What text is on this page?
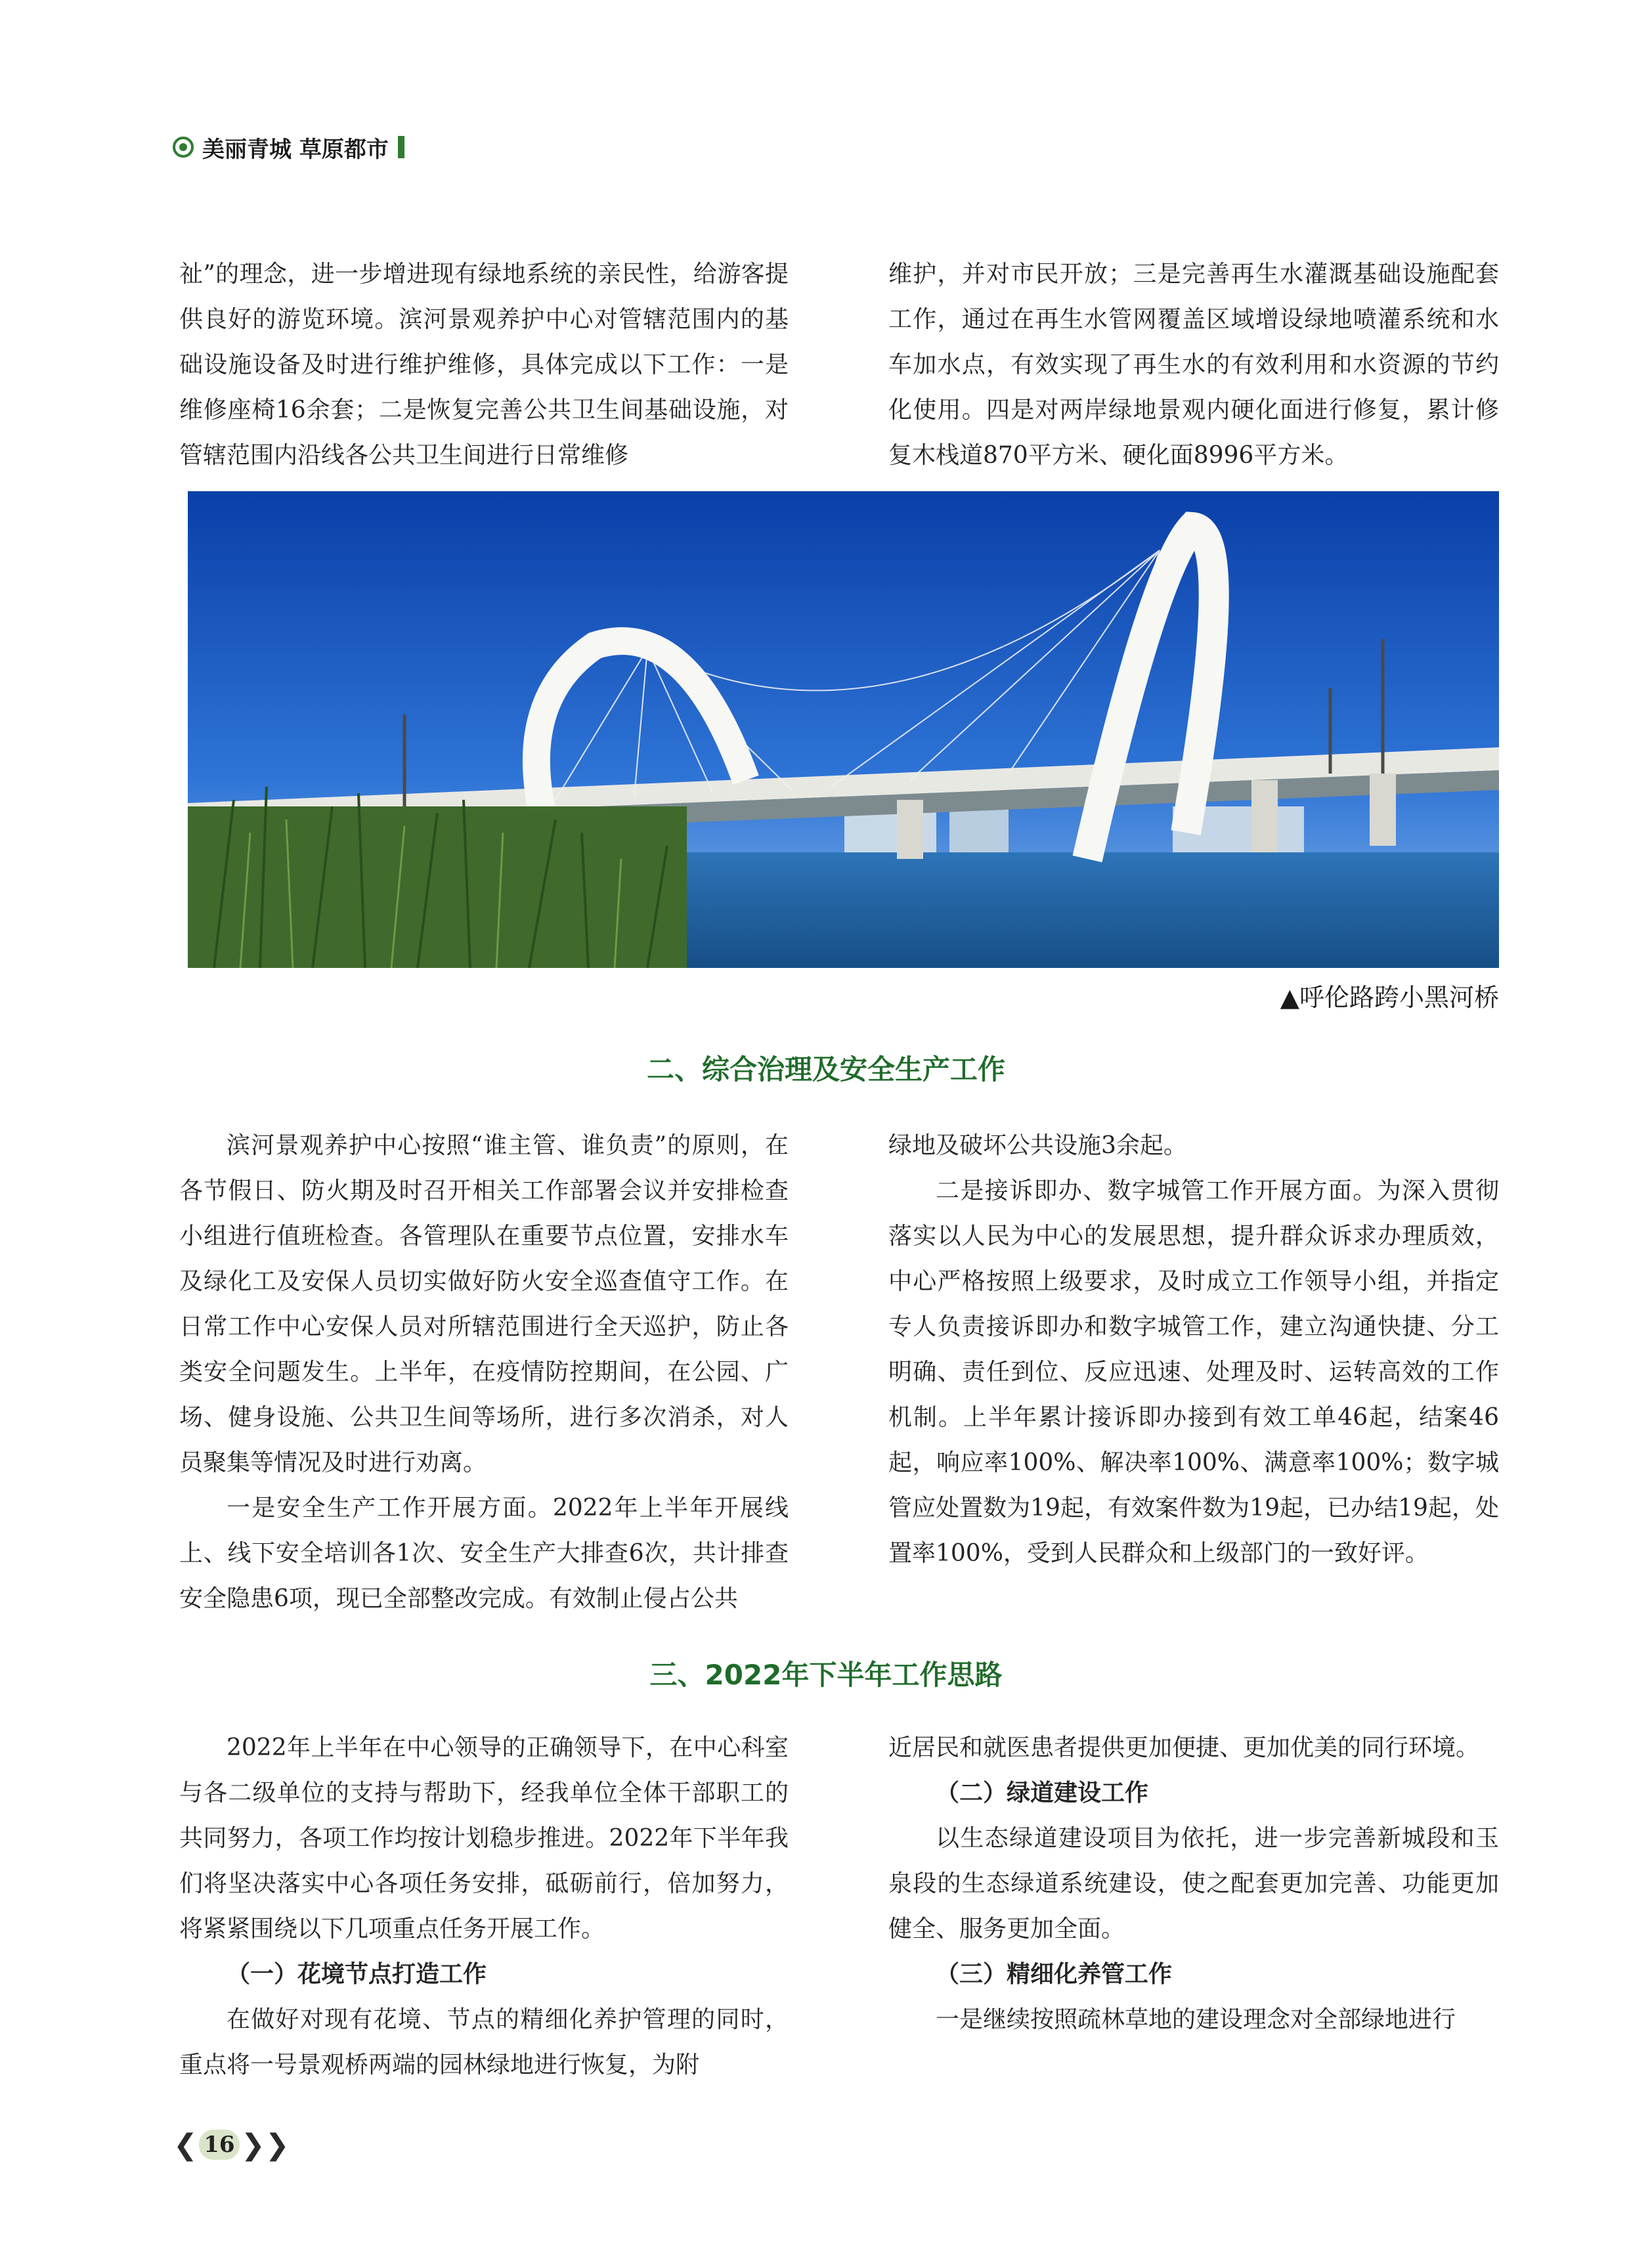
美丽青城 草原都市

祉”的理念，进一步增进现有绿地系统的亲民性，给游客提供良好的游览环境。滨河景观养护中心对管辖范围内的基础设施设备及时进行维护维修，具体完成以下工作：一是维修座椅16余套；二是恢复完善公共卫生间基础设施，对管辖范围内沿线各公共卫生间进行日常维修

维护，并对市民开放；三是完善再生水灌溉基础设施配套工作，通过在再生水管网覆盖区域增设绿地喷灌系统和水车加水点，有效实现了再生水的有效利用和水资源的节约化使用。四是对两岸绿地景观内硬化面进行修复，累计修复木栈道870平方米、硬化面8996平方米。

▲呼伦路跨小黑河桥
二、综合治理及安全生产工作

滨河景观养护中心按照“谁主管、谁负责”的原则，在各节假日、防火期及时召开相关工作部署会议并安排检查小组进行值班检查。各管理队在重要节点位置，安排水车及绿化工及安保人员切实做好防火安全巡查值守工作。在日常工作中心安保人员对所辖范围进行全天巡护，防止各类安全问题发生。上半年，在疫情防控期间，在公园、广场、健身设施、公共卫生间等场所，进行多次消杀，对人员聚集等情况及时进行劝离。

一是安全生产工作开展方面。2022年上半年开展线上、线下安全培训各1次、安全生产大排查6次，共计排查安全隐患6项，现已全部整改完成。有效制止侵占公共

绿地及破坏公共设施3余起。

二是接诉即办、数字城管工作开展方面。为深入贯彻落实以人民为中心的发展思想，提升群众诉求办理质效，中心严格按照上级要求，及时成立工作领导小组，并指定专人负责接诉即办和数字城管工作，建立沟通快捷、分工明确、责任到位、反应迅速、处理及时、运转高效的工作机制。上半年累计接诉即办接到有效工单46起，结案46起，响应率100%、解决率100%、满意率100%；数字城管应处置数为19起，有效案件数为19起，已办结19起，处置率100%，受到人民群众和上级部门的一致好评。

三、2022年下半年工作思路

2022年上半年在中心领导的正确领导下，在中心科室与各二级单位的支持与帮助下，经我单位全体干部职工的共同努力，各项工作均按计划稳步推进。2022年下半年我们将坚决落实中心各项任务安排，砥砺前行，倍加努力，将紧紧围绕以下几项重点任务开展工作。

（一）花境节点打造工作

在做好对现有花境、节点的精细化养护管理的同时，重点将一号景观桥两端的园林绿地进行恢复，为附

近居民和就医患者提供更加便捷、更加优美的同行环境。

（二）绿道建设工作

以生态绿道建设项目为依托，进一步完善新城段和玉泉段的生态绿道系统建设，使之配套更加完善、功能更加健全、服务更加全面。

（三）精细化养管工作

一是继续按照疏林草地的建设理念对全部绿地进行

❮ 16 ❯❯
